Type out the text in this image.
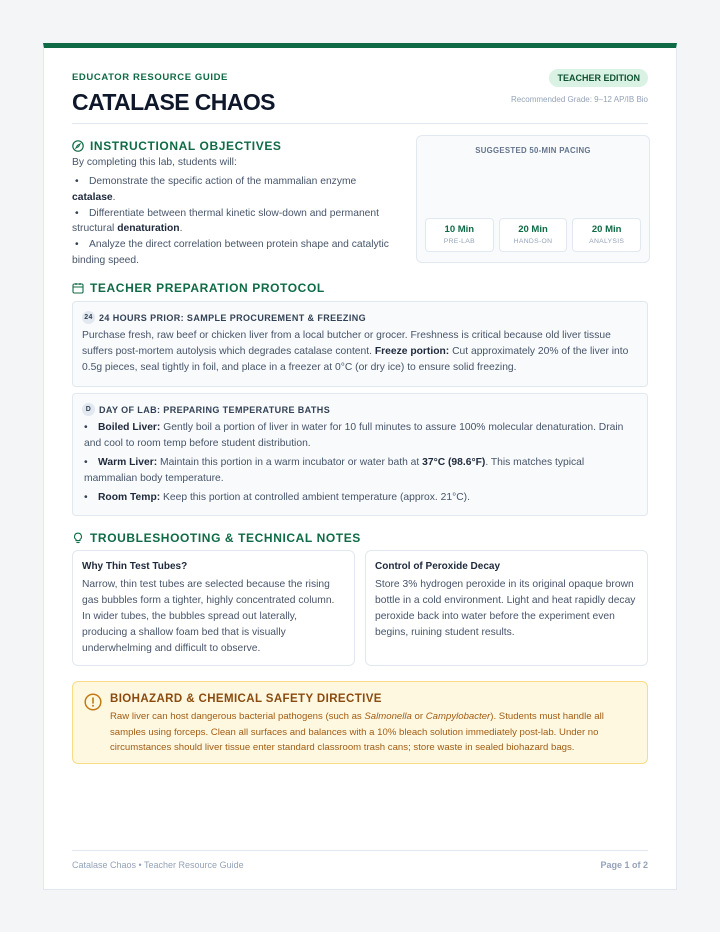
EDUCATOR RESOURCE GUIDE
CATALASE CHAOS
TEACHER EDITION
Recommended Grade: 9–12 AP/IB Bio
INSTRUCTIONAL OBJECTIVES
By completing this lab, students will:
• Demonstrate the specific action of the mammalian enzyme catalase.
• Differentiate between thermal kinetic slow-down and permanent structural denaturation.
• Analyze the direct correlation between protein shape and catalytic binding speed.
SUGGESTED 50-MIN PACING
10 Min
PRE-LAB
20 Min
HANDS-ON
20 Min
ANALYSIS
TEACHER PREPARATION PROTOCOL
24 24 HOURS PRIOR: SAMPLE PROCUREMENT & FREEZING
Purchase fresh, raw beef or chicken liver from a local butcher or grocer. Freshness is critical because old liver tissue suffers post-mortem autolysis which degrades catalase content. Freeze portion: Cut approximately 20% of the liver into 0.5g pieces, seal tightly in foil, and place in a freezer at 0°C (or dry ice) to ensure solid freezing.
D DAY OF LAB: PREPARING TEMPERATURE BATHS
• Boiled Liver: Gently boil a portion of liver in water for 10 full minutes to assure 100% molecular denaturation. Drain and cool to room temp before student distribution.
• Warm Liver: Maintain this portion in a warm incubator or water bath at 37°C (98.6°F). This matches typical mammalian body temperature.
• Room Temp: Keep this portion at controlled ambient temperature (approx. 21°C).
TROUBLESHOOTING & TECHNICAL NOTES
Why Thin Test Tubes?
Narrow, thin test tubes are selected because the rising gas bubbles form a tighter, highly concentrated column. In wider tubes, the bubbles spread out laterally, producing a shallow foam bed that is visually underwhelming and difficult to observe.
Control of Peroxide Decay
Store 3% hydrogen peroxide in its original opaque brown bottle in a cold environment. Light and heat rapidly decay peroxide back into water before the experiment even begins, ruining student results.
BIOHAZARD & CHEMICAL SAFETY DIRECTIVE
Raw liver can host dangerous bacterial pathogens (such as Salmonella or Campylobacter). Students must handle all samples using forceps. Clean all surfaces and balances with a 10% bleach solution immediately post-lab. Under no circumstances should liver tissue enter standard classroom trash cans; store waste in sealed biohazard bags.
Catalase Chaos • Teacher Resource Guide	Page 1 of 2
